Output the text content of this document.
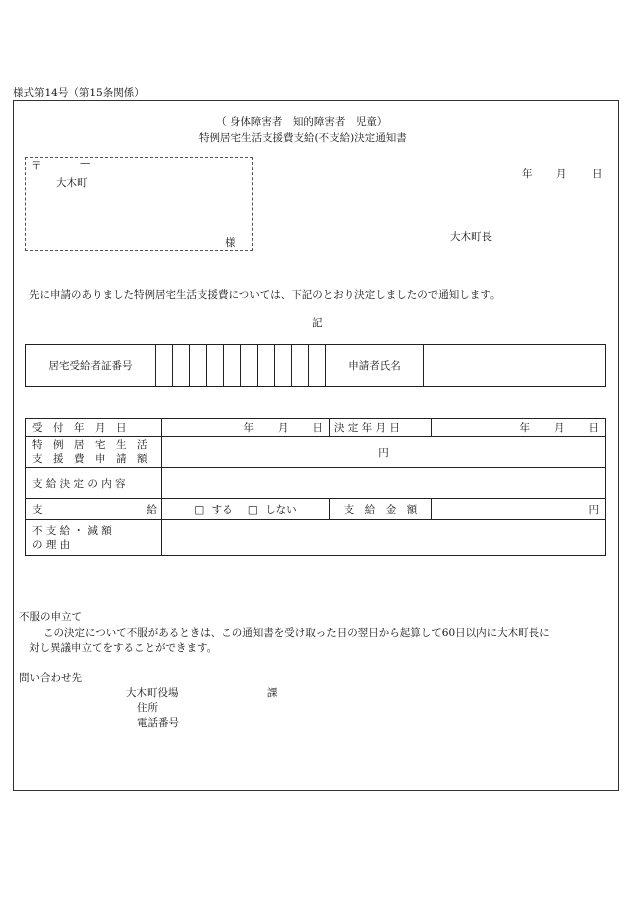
様式第14号（第15条関係）
（ 身体障害者　知的障害者　児童）
特例居宅生活支援費支給(不支給)決定通知書
〒	—
大木町
様
年 月 日
大木町長
先に申請のありました特例居宅生活支援費については、下記のとおり決定しましたので通知します。
記
居宅受給者証番号											申請者氏名	
受　付　年　月　日	年 月 日	決 定 年 月 日	年 月 日

特　例　居　宅　生　活
支　援　費　申　請　額	円		
支 給 決 定 の 内 容			
支 給	□ する □ しない	支　給　金　額	円

不 支 給 ・ 減 額
の 理 由			

不服の申立て
この決定について不服があるときは、この通知書を受け取った日の翌日から起算して60日以内に大木町長に
対し異議申立てをすることができます。
問い合わせ先
大木町役場	課
住所
電話番号
